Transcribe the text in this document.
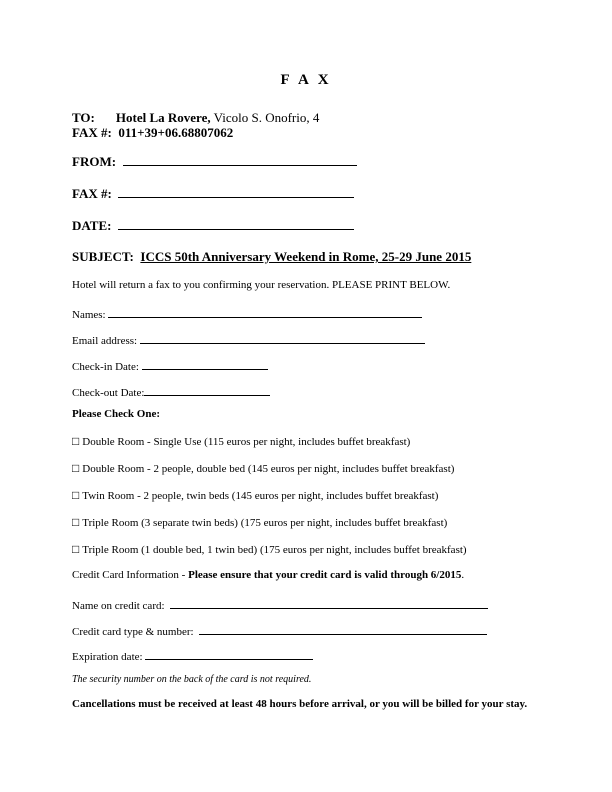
F A X
TO: Hotel La Rovere, Vicolo S. Onofrio, 4
FAX #: 011+39+06.68807062
FROM:
FAX #:
DATE:
SUBJECT: ICCS 50th Anniversary Weekend in Rome, 25-29 June 2015
Hotel will return a fax to you confirming your reservation. PLEASE PRINT BELOW.
Names:
Email address:
Check-in Date:
Check-out Date:
Please Check One:
□ Double Room - Single Use (115 euros per night, includes buffet breakfast)
□ Double Room - 2 people, double bed (145 euros per night, includes buffet breakfast)
□ Twin Room - 2 people, twin beds (145 euros per night, includes buffet breakfast)
□ Triple Room (3 separate twin beds) (175 euros per night, includes buffet breakfast)
□ Triple Room (1 double bed, 1 twin bed) (175 euros per night, includes buffet breakfast)
Credit Card Information - Please ensure that your credit card is valid through 6/2015.
Name on credit card:
Credit card type & number:
Expiration date:
The security number on the back of the card is not required.
Cancellations must be received at least 48 hours before arrival, or you will be billed for your stay.
